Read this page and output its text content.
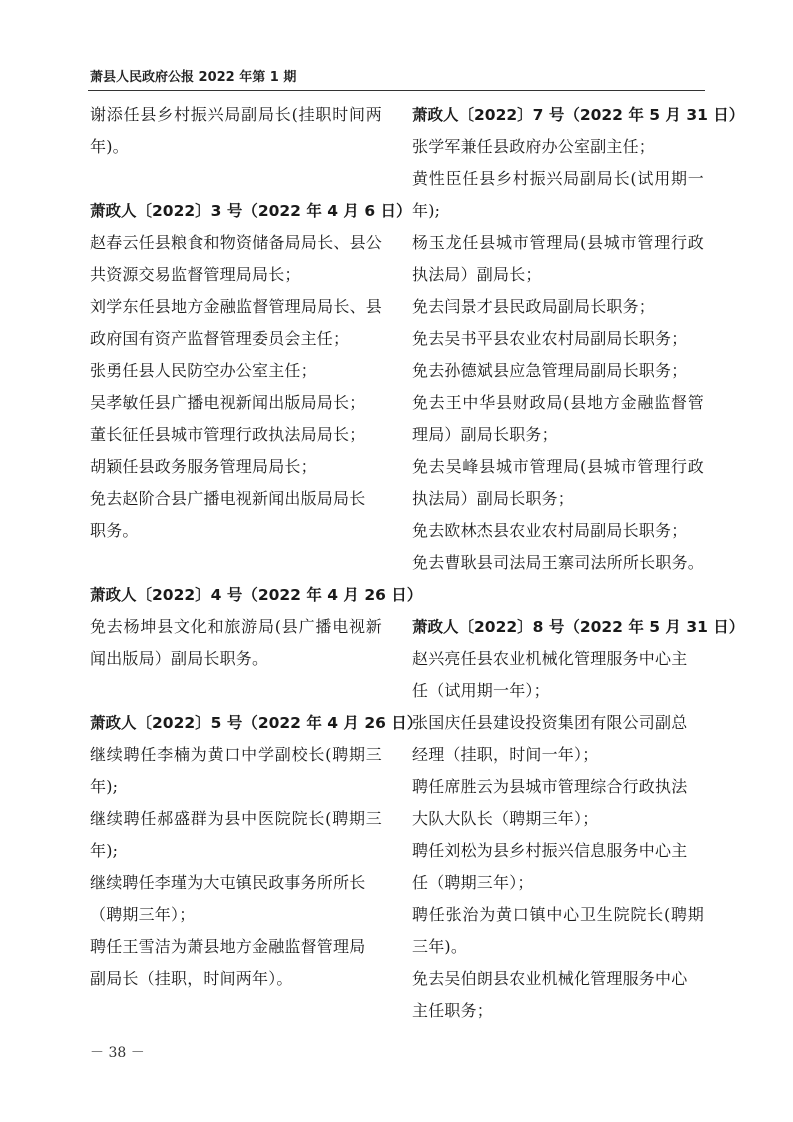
萧县人民政府公报 2022 年第 1 期
谢添任县乡村振兴局副局长(挂职时间两
年)。
萧政人〔2022〕3 号（2022 年 4 月 6 日）
赵春云任县粮食和物资储备局局长、县公
共资源交易监督管理局局长；
刘学东任县地方金融监督管理局局长、县
政府国有资产监督管理委员会主任；
张勇任县人民防空办公室主任；
吴孝敏任县广播电视新闻出版局局长；
董长征任县城市管理行政执法局局长；
胡颖任县政务服务管理局局长；
免去赵阶合县广播电视新闻出版局局长
职务。
萧政人〔2022〕4 号（2022 年 4 月 26 日）
免去杨坤县文化和旅游局(县广播电视新
闻出版局）副局长职务。
萧政人〔2022〕5 号（2022 年 4 月 26 日）
继续聘任李楠为黄口中学副校长(聘期三
年);
继续聘任郝盛群为县中医院院长(聘期三
年);
继续聘任李瑾为大屯镇民政事务所所长
（聘期三年）；
聘任王雪洁为萧县地方金融监督管理局
副局长（挂职，时间两年）。
萧政人〔2022〕7 号（2022 年 5 月 31 日）
张学军兼任县政府办公室副主任；
黄性臣任县乡村振兴局副局长(试用期一
年);
杨玉龙任县城市管理局(县城市管理行政
执法局）副局长；
免去闫景才县民政局副局长职务；
免去吴书平县农业农村局副局长职务；
免去孙德斌县应急管理局副局长职务；
免去王中华县财政局(县地方金融监督管
理局）副局长职务；
免去吴峰县城市管理局(县城市管理行政
执法局）副局长职务；
免去欧林杰县农业农村局副局长职务；
免去曹耿县司法局王寨司法所所长职务。
萧政人〔2022〕8 号（2022 年 5 月 31 日）
赵兴亮任县农业机械化管理服务中心主
任（试用期一年）；
张国庆任县建设投资集团有限公司副总
经理（挂职，时间一年）；
聘任席胜云为县城市管理综合行政执法
大队大队长（聘期三年）；
聘任刘松为县乡村振兴信息服务中心主
任（聘期三年）；
聘任张治为黄口镇中心卫生院院长(聘期
三年)。
免去吴伯朗县农业机械化管理服务中心
主任职务；
－ 38 －
